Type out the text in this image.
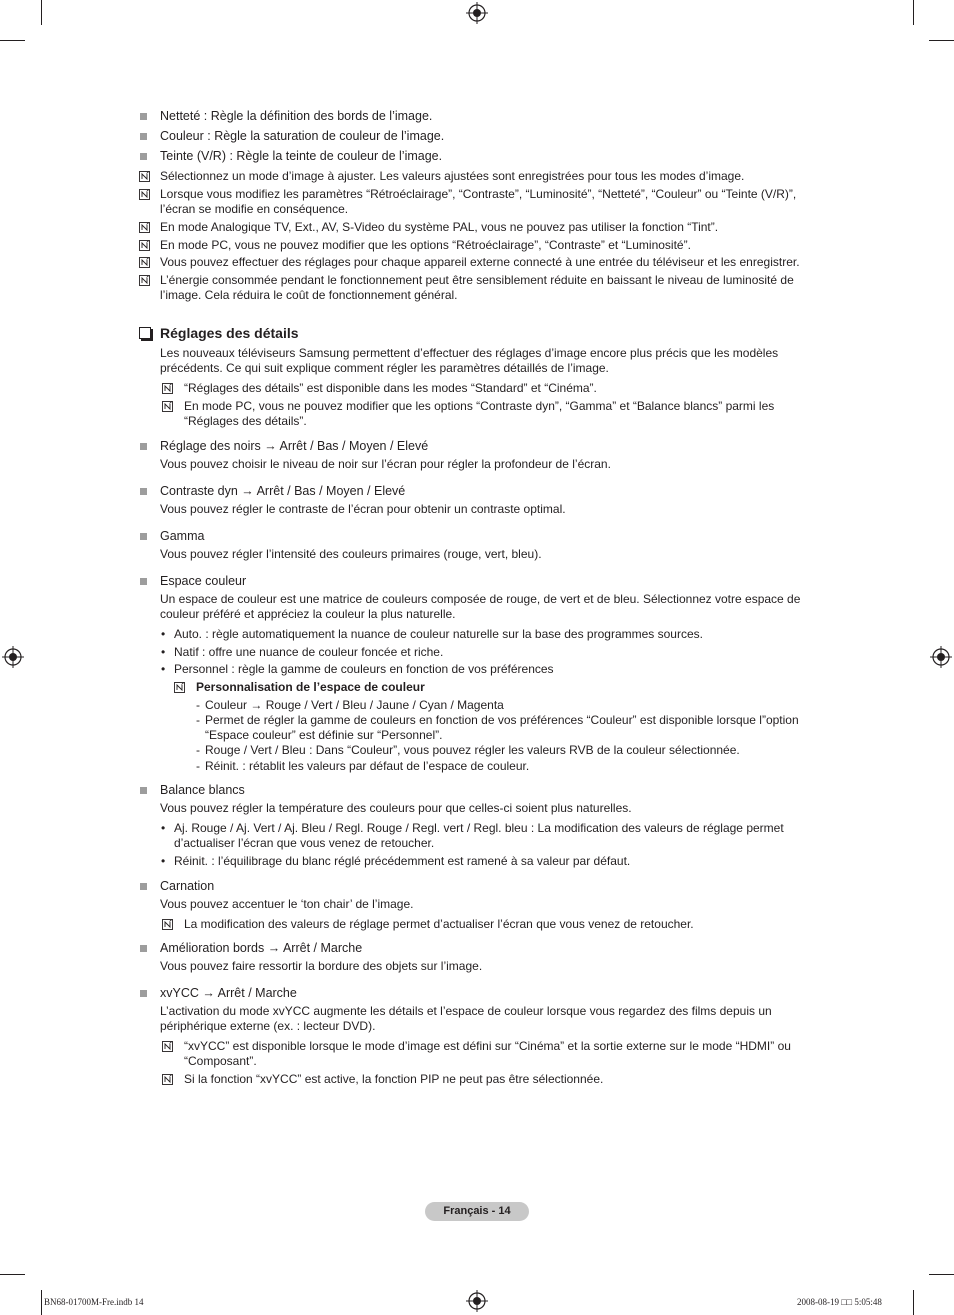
Netteté : Règle la définition des bords de l’image.
Couleur : Règle la saturation de couleur de l’image.
Teinte (V/R) : Règle la teinte de couleur de l’image.
Sélectionnez un mode d’image à ajuster. Les valeurs ajustées sont enregistrées pour tous les modes d’image.
Lorsque vous modifiez les paramètres “Rétroéclairage”, “Contraste”, “Luminosité”, “Netteté”, “Couleur” ou “Teinte (V/R)”,
l’écran se modifie en conséquence.
En mode Analogique TV, Ext., AV, S-Video du système PAL, vous ne pouvez pas utiliser la fonction “Tint”.
En mode PC, vous ne pouvez modifier que les options “Rétroéclairage”, “Contraste” et “Luminosité”.
Vous pouvez effectuer des réglages pour chaque appareil externe connecté à une entrée du téléviseur et les enregistrer.
L’énergie consommée pendant le fonctionnement peut être sensiblement réduite en baissant le niveau de luminosité de
l’image. Cela réduira le coût de fonctionnement général.
Réglages des détails
Les nouveaux téléviseurs Samsung permettent d’effectuer des réglages d’image encore plus précis que les modèles
précédents. Ce qui suit explique comment régler les paramètres détaillés de l’image.
“Réglages des détails” est disponible dans les modes “Standard” et “Cinéma”.
En mode PC, vous ne pouvez modifier que les options “Contraste dyn”, “Gamma” et “Balance blancs” parmi les
“Réglages des détails”.
Réglage des noirs → Arrêt / Bas / Moyen / Elevé
Vous pouvez choisir le niveau de noir sur l’écran pour régler la profondeur de l’écran.
Contraste dyn → Arrêt / Bas / Moyen / Elevé
Vous pouvez régler le contraste de l’écran pour obtenir un contraste optimal.
Gamma
Vous pouvez régler l’intensité des couleurs primaires (rouge, vert, bleu).
Espace couleur
Un espace de couleur est une matrice de couleurs composée de rouge, de vert et de bleu. Sélectionnez votre espace de
couleur préféré et appréciez la couleur la plus naturelle.
• Auto. : règle automatiquement la nuance de couleur naturelle sur la base des programmes sources.
• Natif : offre une nuance de couleur foncée et riche.
• Personnel : règle la gamme de couleurs en fonction de vos préférences
Personnalisation de l’espace de couleur
- Couleur → Rouge / Vert / Bleu / Jaune / Cyan / Magenta
- Permet de régler la gamme de couleurs en fonction de vos préférences “Couleur” est disponible lorsque l”option
“Espace couleur” est définie sur “Personnel”.
- Rouge / Vert / Bleu : Dans “Couleur”, vous pouvez régler les valeurs RVB de la couleur sélectionnée.
- Réinit. : rétablit les valeurs par défaut de l’espace de couleur.
Balance blancs
Vous pouvez régler la température des couleurs pour que celles-ci soient plus naturelles.
• Aj. Rouge / Aj. Vert / Aj. Bleu / Regl. Rouge / Regl. vert / Regl. bleu : La modification des valeurs de réglage permet
d’actualiser l’écran que vous venez de retoucher.
• Réinit. : l’équilibrage du blanc réglé précédemment est ramené à sa valeur par défaut.
Carnation
Vous pouvez accentuer le ‘ton chair’ de l’image.
La modification des valeurs de réglage permet d’actualiser l’écran que vous venez de retoucher.
Amélioration bords → Arrêt / Marche
Vous pouvez faire ressortir la bordure des objets sur l’image.
xvYCC → Arrêt / Marche
L’activation du mode xvYCC augmente les détails et l’espace de couleur lorsque vous regardez des films depuis un
périphérique externe (ex. : lecteur DVD).
“xvYCC” est disponible lorsque le mode d’image est défini sur “Cinéma” et la sortie externe sur le mode “HDMI” ou
“Composant”.
Si la fonction “xvYCC” est active, la fonction PIP ne peut pas être sélectionnée.
Français - 14
BN68-01700M-Fre.indb 14	2008-08-19 □□ 5:05:48
